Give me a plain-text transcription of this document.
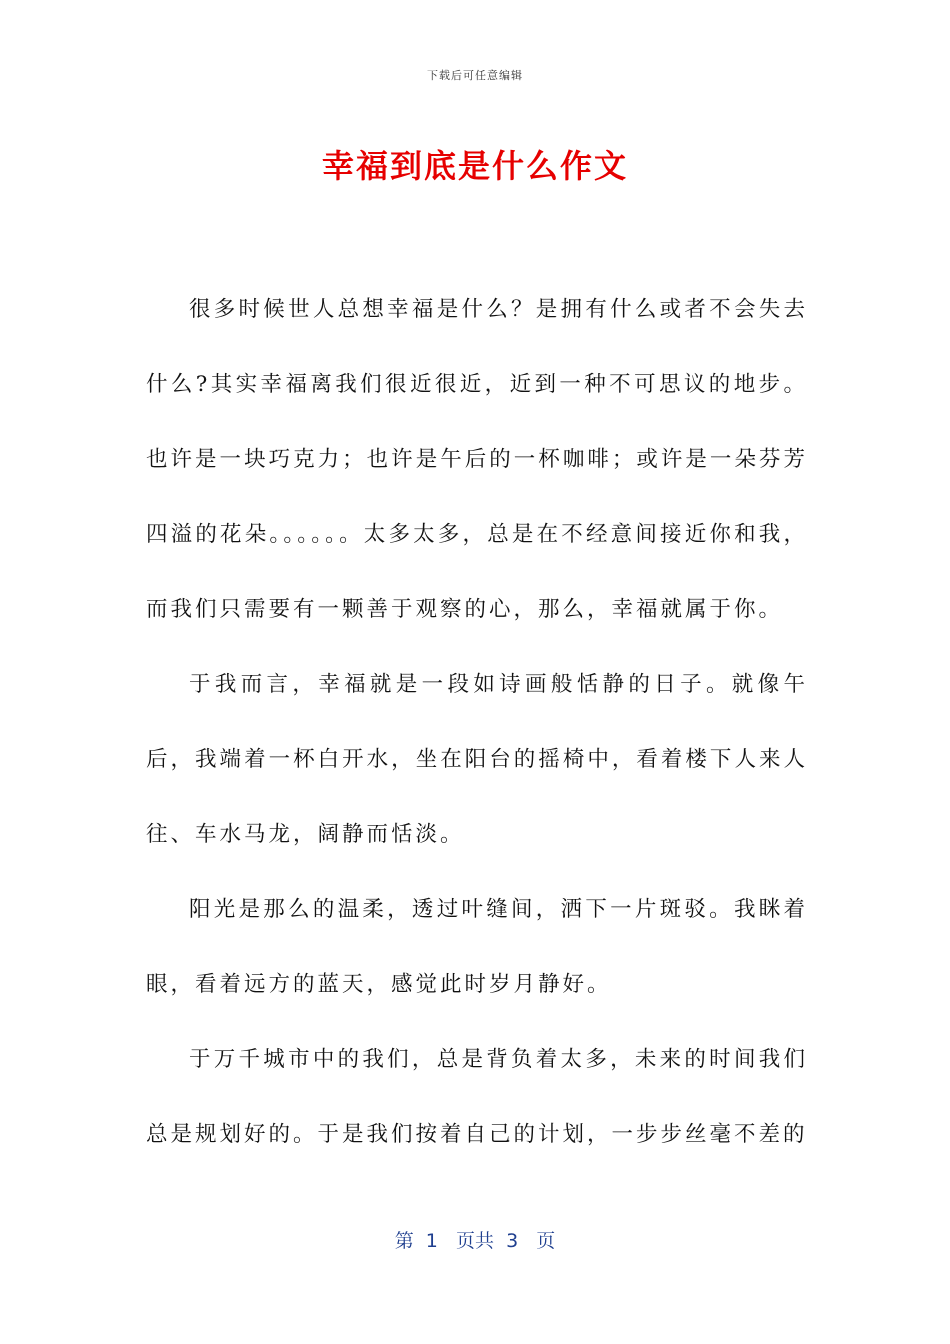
下载后可任意编辑
幸福到底是什么作文

很多时候世人总想幸福是什么？是拥有什么或者不会失去什么?其实幸福离我们很近很近，近到一种不可思议的地步。也许是一块巧克力；也许是午后的一杯咖啡；或许是一朵芬芳四溢的花朵。。。。。。太多太多，总是在不经意间接近你和我，而我们只需要有一颗善于观察的心，那么，幸福就属于你。

于我而言，幸福就是一段如诗画般恬静的日子。就像午后，我端着一杯白开水，坐在阳台的摇椅中，看着楼下人来人往、车水马龙，阔静而恬淡。

阳光是那么的温柔，透过叶缝间，洒下一片斑驳。我眯着眼，看着远方的蓝天，感觉此时岁月静好。

于万千城市中的我们，总是背负着太多，未来的时间我们总是规划好的。于是我们按着自己的计划，一步步丝毫不差的

第  1   页共  3   页
